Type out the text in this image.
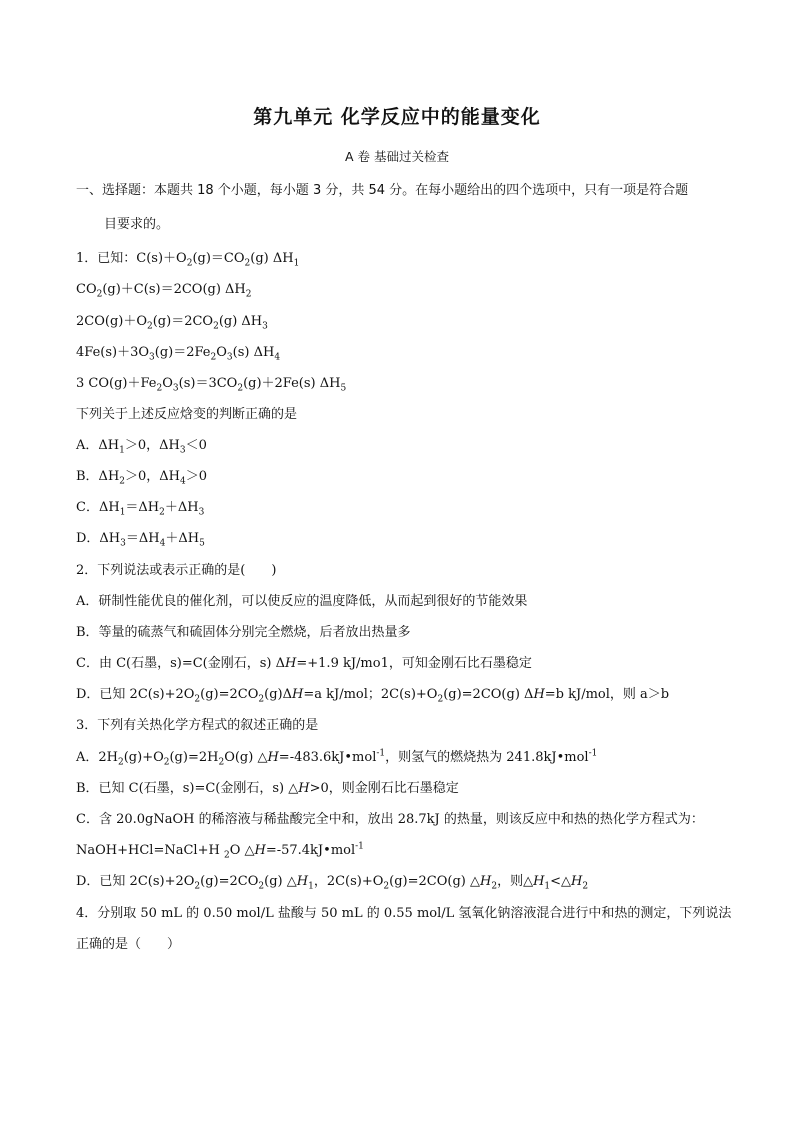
第九单元 化学反应中的能量变化
A 卷 基础过关检查
一、选择题：本题共 18 个小题，每小题 3 分，共 54 分。在每小题给出的四个选项中，只有一项是符合题
目要求的。
1．已知：$C(s)+O_2(g)=CO_2(g)$ $\Delta H_1$
$CO_2(g)+C(s)=2CO(g)$ $\Delta H_2$
$2CO(g)+O_2(g)=2CO_2(g)$ $\Delta H_3$
$4Fe(s)+3O_3(g)=2Fe_2O_3(s)$ $\Delta H_4$
3 $CO(g)+Fe_2O_3(s)=3CO_2(g)+2Fe(s)$ $\Delta H_5$
下列关于上述反应焓变的判断正确的是
A．$\Delta H_1>0$，$\Delta H_3<0$
B．$\Delta H_2>0$，$\Delta H_4>0$
C．$\Delta H_1=\Delta H_2+\Delta H_3$
D．$\Delta H_3=\Delta H_4+\Delta H_5$
2．下列说法或表示正确的是(　　)
A．研制性能优良的催化剂，可以使反应的温度降低，从而起到很好的节能效果
B．等量的硫蒸气和硫固体分别完全燃烧，后者放出热量多
C．由 C(石墨，s)=C(金刚石，s) ΔH=+1.9 kJ/mo1，可知金刚石比石墨稳定
D．已知 $2C(s)+2O_2(g)=2CO_2(g)\Delta H=a$ kJ/mol；$2C(s)+O_2(g)=2CO(g)$ ΔH=b kJ/mol，则 a＞b
3．下列有关热化学方程式的叙述正确的是
A．$2H_2(g)+O_2(g)=2H_2O(g)$ △H=-483.6kJ•mol$^{-1}$，则氢气的燃烧热为 241.8kJ•mol$^{-1}$
B．已知 C(石墨，s)=C(金刚石，s) △H>0，则金刚石比石墨稳定
C．含 20.0gNaOH 的稀溶液与稀盐酸完全中和，放出 28.7kJ 的热量，则该反应中和热的热化学方程式为：
NaOH+HCl=NaCl+H $_2$O △H=-57.4kJ•mol$^{-1}$
D．已知 $2C(s)+2O_2(g)=2CO_2(g)$ $\triangle H_1$，$2C(s)+O_2(g)=2CO(g)$ $\triangle H_2$，则$\triangle H_1<\triangle H_2$
4．分别取 50 mL 的 0.50 mol/L 盐酸与 50 mL 的 0.55 mol/L 氢氧化钠溶液混合进行中和热的测定，下列说法
正确的是（　　）
